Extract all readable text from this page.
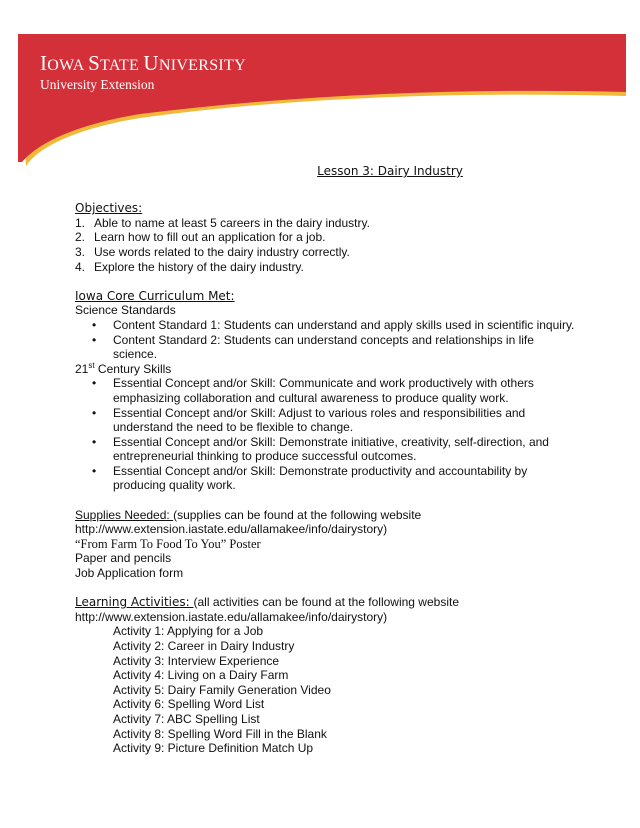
IOWA STATE UNIVERSITY
University Extension
Lesson 3: Dairy Industry
Objectives:
1. Able to name at least 5 careers in the dairy industry.
2. Learn how to fill out an application for a job.
3. Use words related to the dairy industry correctly.
4. Explore the history of the dairy industry.
Iowa Core Curriculum Met:
Science Standards
• Content Standard 1: Students can understand and apply skills used in scientific inquiry.
• Content Standard 2: Students can understand concepts and relationships in life science.
21st Century Skills
• Essential Concept and/or Skill: Communicate and work productively with others emphasizing collaboration and cultural awareness to produce quality work.
• Essential Concept and/or Skill: Adjust to various roles and responsibilities and understand the need to be flexible to change.
• Essential Concept and/or Skill: Demonstrate initiative, creativity, self-direction, and entrepreneurial thinking to produce successful outcomes.
• Essential Concept and/or Skill: Demonstrate productivity and accountability by producing quality work.
Supplies Needed: (supplies can be found at the following website
http://www.extension.iastate.edu/allamakee/info/dairystory)
“From Farm To Food To You” Poster
Paper and pencils
Job Application form
Learning Activities: (all activities can be found at the following website
http://www.extension.iastate.edu/allamakee/info/dairystory)
Activity 1: Applying for a Job
Activity 2: Career in Dairy Industry
Activity 3: Interview Experience
Activity 4: Living on a Dairy Farm
Activity 5: Dairy Family Generation Video
Activity 6: Spelling Word List
Activity 7: ABC Spelling List
Activity 8: Spelling Word Fill in the Blank
Activity 9: Picture Definition Match Up
